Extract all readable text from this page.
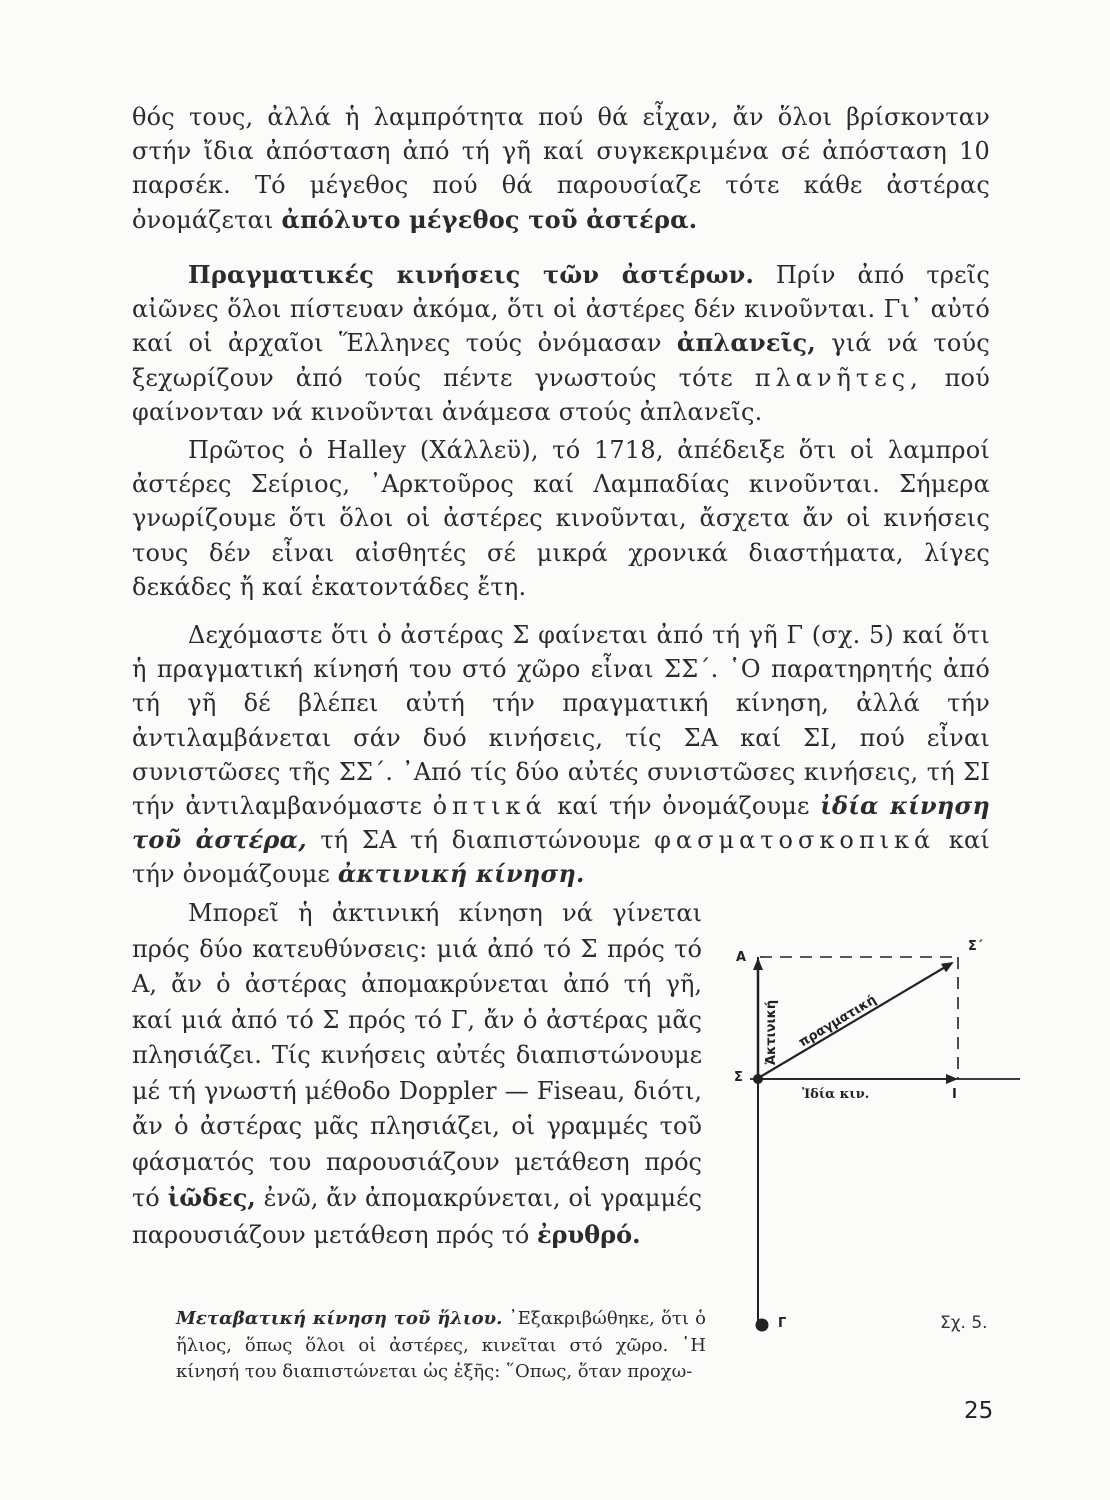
θός τους, ἀλλά ἡ λαμπρότητα πού θά εἶχαν, ἄν ὅλοι βρίσκονταν στήν ἴδια ἀπόσταση ἀπό τή γῆ καί συγκεκριμένα σέ ἀπόσταση 10 παρσέκ. Τό μέγεθος πού θά παρουσίαζε τότε κάθε ἀστέρας ὀνομάζεται ἀπόλυτο μέγεθος τοῦ ἀστέρα.

Πραγματικές κινήσεις τῶν ἀστέρων. Πρίν ἀπό τρεῖς αἰῶνες ὅλοι πίστευαν ἀκόμα, ὅτι οἱ ἀστέρες δέν κινοῦνται. Γι᾿ αὐτό καί οἱ ἀρχαῖοι Ἕλληνες τούς ὀνόμασαν ἀπλανεῖς, γιά νά τούς ξεχωρίζουν ἀπό τούς πέντε γνωστούς τότε πλανῆτες, πού φαίνονταν νά κινοῦνται ἀνάμεσα στούς ἀπλανεῖς.

Πρῶτος ὁ Halley (Χάλλεϋ), τό 1718, ἀπέδειξε ὅτι οἱ λαμπροί ἀστέρες Σείριος, ᾿Αρκτοῦρος καί Λαμπαδίας κινοῦνται. Σήμερα γνωρίζουμε ὅτι ὅλοι οἱ ἀστέρες κινοῦνται, ἄσχετα ἄν οἱ κινήσεις τους δέν εἶναι αἰσθητές σέ μικρά χρονικά διαστήματα, λίγες δεκάδες ἤ καί ἑκατοντάδες ἔτη.

Δεχόμαστε ὅτι ὁ ἀστέρας Σ φαίνεται ἀπό τή γῆ Γ (σχ. 5) καί ὅτι ἡ πραγματική κίνησή του στό χῶρο εἶναι ΣΣ΄. ῾Ο παρατηρητής ἀπό τή γῆ δέ βλέπει αὐτή τήν πραγματική κίνηση, ἀλλά τήν ἀντιλαμβάνεται σάν δυό κινήσεις, τίς ΣΑ καί ΣΙ, πού εἶναι συνιστῶσες τῆς ΣΣ΄. ᾿Από τίς δύο αὐτές συνιστῶσες κινήσεις, τή ΣΙ τήν ἀντιλαμβανόμαστε ὀπτικά καί τήν ὀνομάζουμε ἰδία κίνηση τοῦ ἀστέρα, τή ΣΑ τή διαπιστώνουμε φασματοσκοπικά καί τήν ὀνομάζουμε ἀκτινική κίνηση.

Μπορεῖ ἡ ἀκτινική κίνηση νά γίνεται πρός δύο κατευθύνσεις: μιά ἀπό τό Σ πρός τό Α, ἄν ὁ ἀστέρας ἀπομακρύνεται ἀπό τή γῆ, καί μιά ἀπό τό Σ πρός τό Γ, ἄν ὁ ἀστέρας μᾶς πλησιάζει. Τίς κινήσεις αὐτές διαπιστώνουμε μέ τή γνωστή μέθοδο Doppler — Fiseau, διότι, ἄν ὁ ἀστέρας μᾶς πλησιάζει, οἱ γραμμές τοῦ φάσματός του παρουσιάζουν μετάθεση πρός τό ἰῶδες, ἐνῶ, ἄν ἀπομακρύνεται, οἱ γραμμές παρουσιάζουν μετάθεση πρός τό ἐρυθρό.

Μεταβατική κίνηση τοῦ ἥλιου. ᾿Εξακριβώθηκε, ὅτι ὁ ἥλιος, ὅπως ὅλοι οἱ ἀστέρες, κινεῖται στό χῶρο. ῾Η κίνησή του διαπιστώνεται ὡς ἑξῆς: ῞Οπως, ὅταν προχω-

Ἀκτινική πραγματική
Α
Σ
Σ΄
Ι
Ἰδία κιν.
Γ	Σχ. 5.
25
